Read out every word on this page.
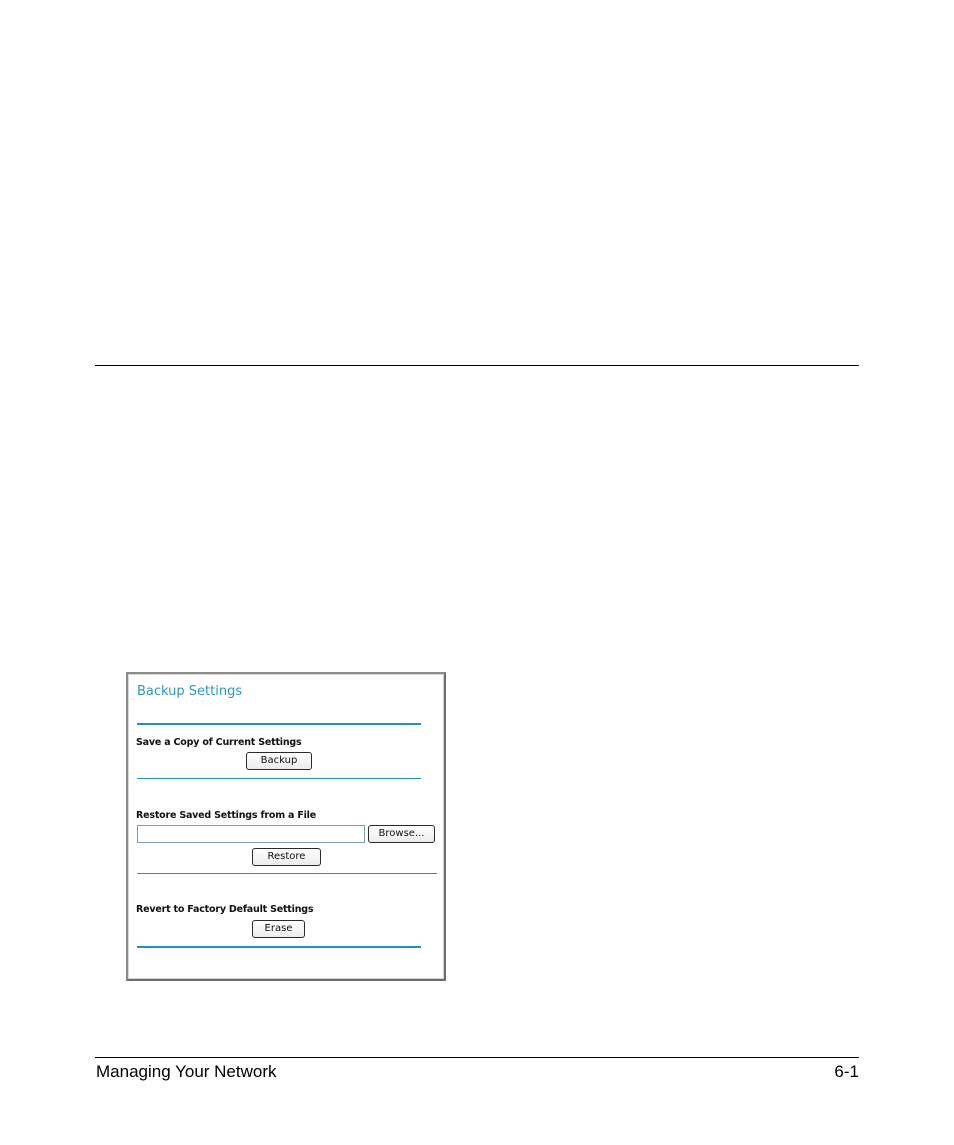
Backup Settings
Save a Copy of Current Settings
Backup
Restore Saved Settings from a File
Browse...
Restore
Revert to Factory Default Settings
Erase
Managing Your Network	6-1
